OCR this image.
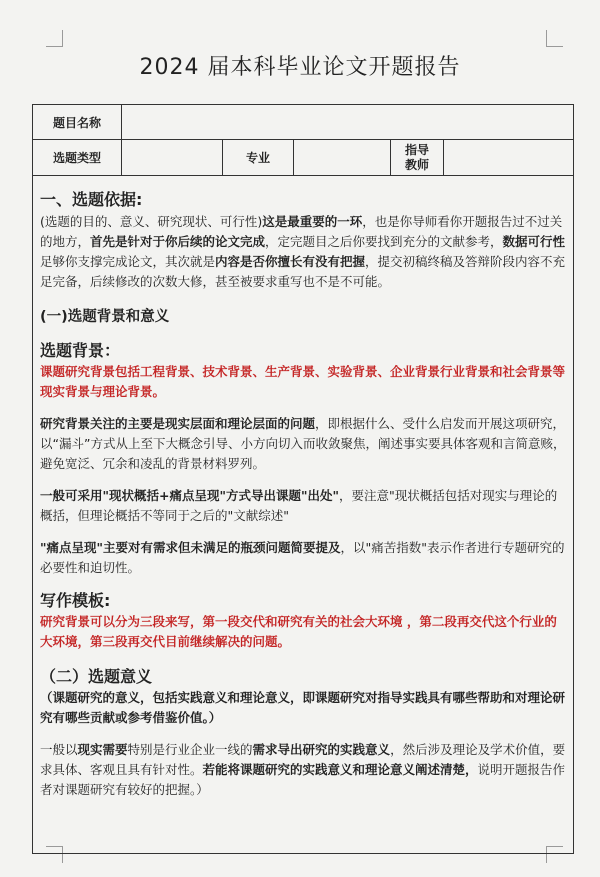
2024 届本科毕业论文开题报告
题目名称					
选题类型		专业		指导
教师	

一、选题依据:

(选题的目的、意义、研究现状、可行性)这是最重要的一环，也是你导师看你开题报告过不过关的地方，首先是针对于你后续的论文完成，定完题目之后你要找到充分的文献参考，数据可行性足够你支撑完成论文，其次就是内容是否你擅长有没有把握，提交初稿终稿及答辩阶段内容不充足完备，后续修改的次数大修，甚至被要求重写也不是不可能。

(一)选题背景和意义

选题背景：

课题研究背景包括工程背景、技术背景、生产背景、实验背景、企业背景行业背景和社会背景等现实背景与理论背景。

研究背景关注的主要是现实层面和理论层面的问题，即根据什么、受什么启发而开展这项研究，以“漏斗”方式从上至下大概念引导、小方向切入而收敛聚焦，阐述事实要具体客观和言简意赅，避免宽泛、冗余和凌乱的背景材料罗列。

一般可采用"现状概括+痛点呈现"方式导出课题"出处"，要注意"现状概括包括对现实与理论的概括，但理论概括不等同于之后的"文献综述"

"痛点呈现"主要对有需求但未满足的瓶颈问题简要提及，以"痛苦指数"表示作者进行专题研究的必要性和迫切性。

写作模板:

研究背景可以分为三段来写，第一段交代和研究有关的社会大环境 ，第二段再交代这个行业的大环境，第三段再交代目前继续解决的问题。

（二）选题意义

（课题研究的意义，包括实践意义和理论意义，即课题研究对指导实践具有哪些帮助和对理论研究有哪些贡献或参考借鉴价值。）

一般以现实需要特别是行业企业一线的需求导出研究的实践意义，然后涉及理论及学术价值，要求具体、客观且具有针对性。若能将课题研究的实践意义和理论意义阐述清楚，说明开题报告作者对课题研究有较好的把握。）
